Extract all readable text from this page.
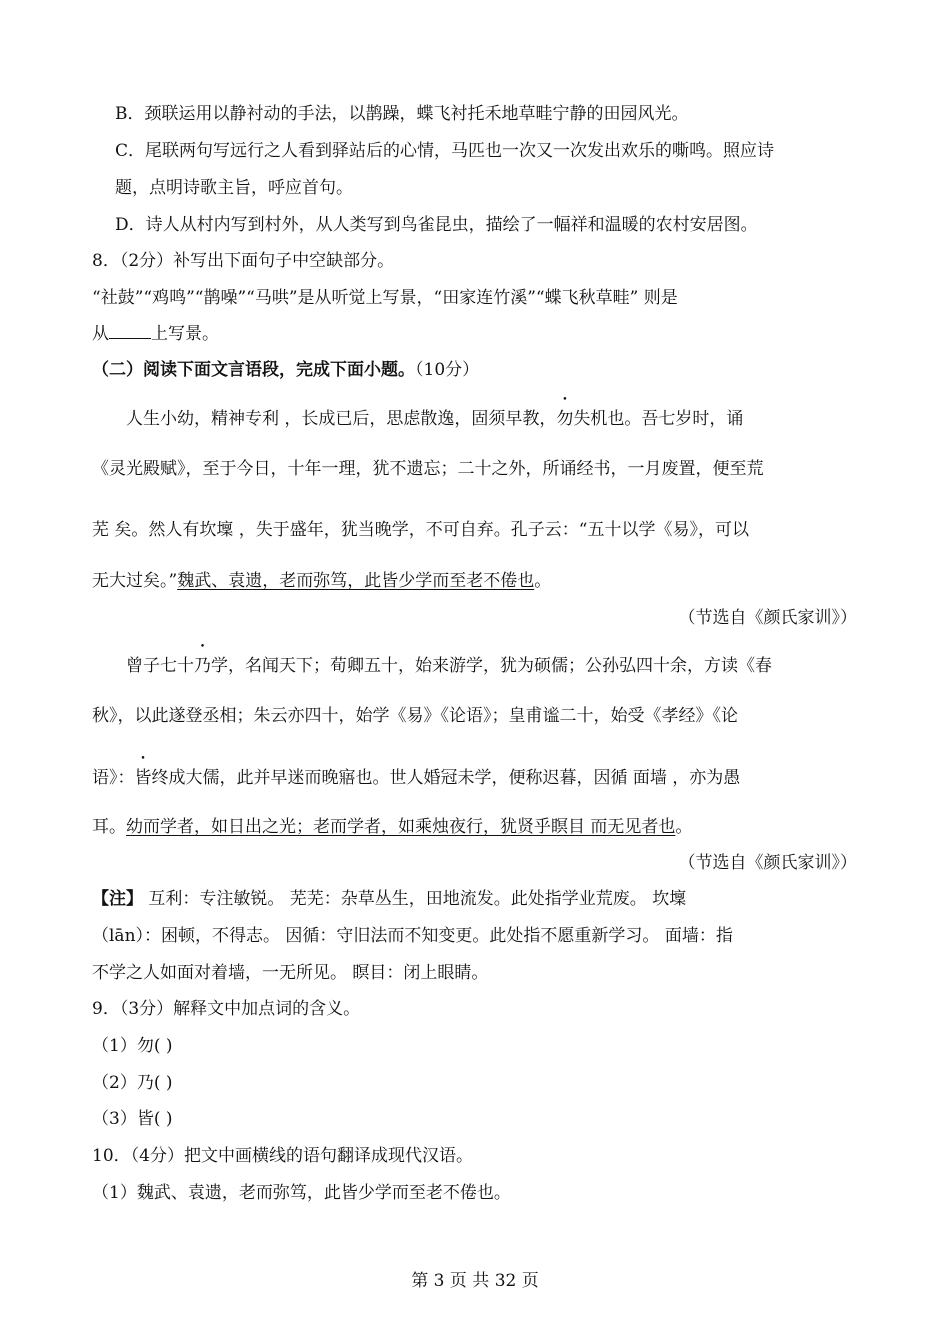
B．颈联运用以静衬动的手法，以鹊躁，蝶飞衬托禾地草畦宁静的田园风光。
C．尾联两句写远行之人看到驿站后的心情，马匹也一次又一次发出欢乐的嘶鸣。照应诗
题，点明诗歌主旨，呼应首句。
D．诗人从村内写到村外，从人类写到鸟雀昆虫，描绘了一幅祥和温暖的农村安居图。
8．（2分）补写出下面句子中空缺部分。
“社鼓”“鸡鸣”“鹊噪”“马哄”是从听觉上写景，“田家连竹溪”“蝶飞秋草畦” 则是
从 上写景。
（二）阅读下面文言语段，完成下面小题。（10分）
人生小幼，精神专利 ，长成已后，思虑散逸，固须早教，勿失机也。吾七岁时，诵
《灵光殿赋》，至于今日，十年一理，犹不遗忘；二十之外，所诵经书，一月废置，便至荒
芜 矣。然人有坎壈 ，失于盛年，犹当晚学，不可自弃。孔子云：“五十以学《易》，可以
无大过矣。”魏武、袁遗，老而弥笃，此皆少学而至老不倦也。
（节选自《颜氏家训》）
曾子七十乃学，名闻天下；荀卿五十，始来游学，犹为硕儒；公孙弘四十余，方读《春
秋》，以此遂登丞相；朱云亦四十，始学《易》《论语》；皇甫谧二十，始受《孝经》《论
语》：皆终成大儒，此并早迷而晚寤也。世人婚冠未学，便称迟暮，因循 面墙 ，亦为愚
耳。幼而学者，如日出之光；老而学者，如乘烛夜行，犹贤乎瞑目 而无见者也。
（节选自《颜氏家训》）
【注】 互利：专注敏锐。 芜芜：杂草丛生，田地流发。此处指学业荒废。 坎壈
（lān）：困顿，不得志。 因循：守旧法而不知变更。此处指不愿重新学习。 面墙：指
不学之人如面对着墙，一无所见。 瞑目：闭上眼睛。
9．（3分）解释文中加点词的含义。
（1）勿( )
（2）乃( )
（3）皆( )
10．（4分）把文中画横线的语句翻译成现代汉语。
（1）魏武、袁遗，老而弥笃，此皆少学而至老不倦也。
第 3 页 共 32 页
